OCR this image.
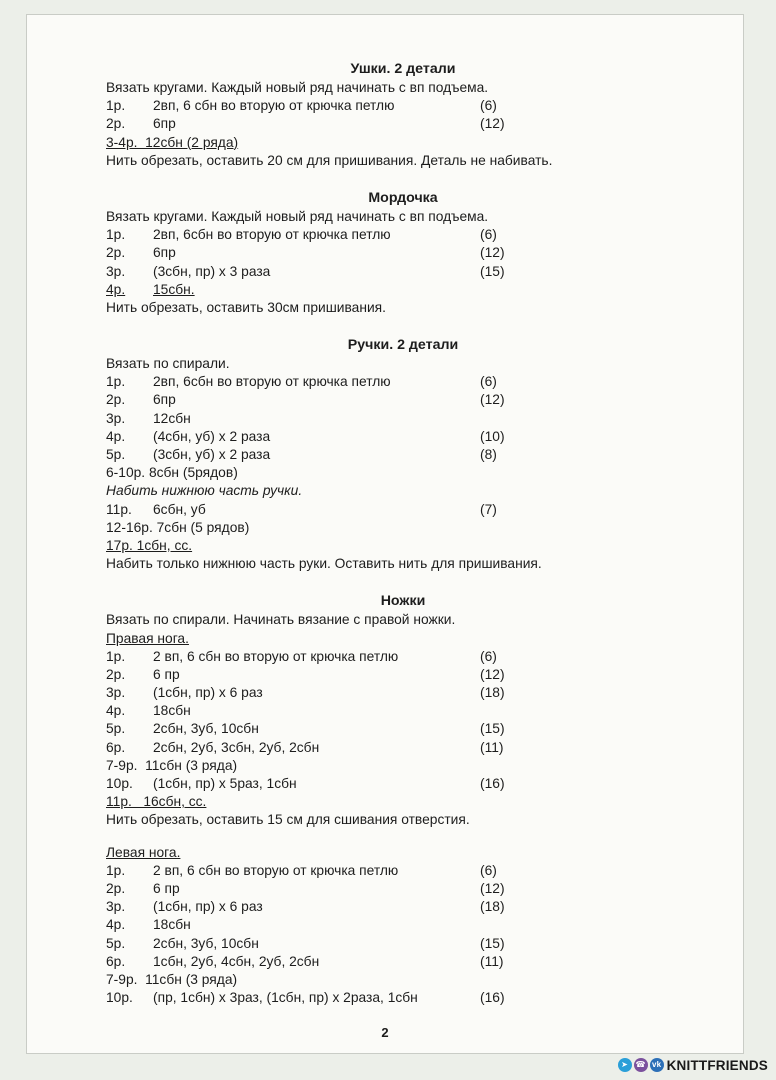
Ушки. 2 детали
Вязать кругами. Каждый новый ряд начинать с вп подъема.
1р. 2вп, 6 сбн во вторую от крючка петлю	(6)
2р. 6пр	(12)
3-4р.  12сбн (2 ряда)
Нить обрезать, оставить 20 см для пришивания. Деталь не набивать.
Мордочка
Вязать кругами. Каждый новый ряд начинать с вп подъема.
1р. 2вп, 6сбн во вторую от крючка петлю	(6)
2р. 6пр	(12)
3р. (3сбн, пр) х 3 раза	(15)
4р. 15сбн.
Нить обрезать, оставить 30см пришивания.
Ручки. 2 детали
Вязать по спирали.
1р. 2вп, 6сбн во вторую от крючка петлю	(6)
2р. 6пр	(12)
3р. 12сбн
4р. (4сбн, уб) х 2 раза	(10)
5р. (3сбн, уб) х 2 раза	(8)
6-10р. 8сбн (5рядов)
Набить нижнюю часть ручки.
11р. 6сбн, уб	(7)
12-16р. 7сбн (5 рядов)
17р. 1сбн, сс.
Набить только нижнюю часть руки. Оставить нить для пришивания.
Ножки
Вязать по спирали. Начинать вязание с правой ножки.
Правая нога.
1р. 2 вп, 6 сбн во вторую от крючка петлю	(6)
2р. 6 пр	(12)
3р. (1сбн, пр) х 6 раз	(18)
4р. 18сбн
5р. 2сбн, 3уб, 10сбн	(15)
6р. 2сбн, 2уб, 3сбн, 2уб, 2сбн	(11)
7-9р.  11сбн (3 ряда)
10р. (1сбн, пр) х 5раз, 1сбн	(16)
11р.   16сбн, сс.
Нить обрезать, оставить 15 см для сшивания отверстия.
Левая нога.
1р. 2 вп, 6 сбн во вторую от крючка петлю	(6)
2р. 6 пр	(12)
3р. (1сбн, пр) х 6 раз	(18)
4р. 18сбн
5р. 2сбн, 3уб, 10сбн	(15)
6р. 1сбн, 2уб, 4сбн, 2уб, 2сбн	(11)
7-9р.  11сбн (3 ряда)
10р. (пр, 1сбн) х 3раз, (1сбн, пр) х 2раза, 1сбн	(16)
2
➤ ☎ vk KNITTFRIENDS
